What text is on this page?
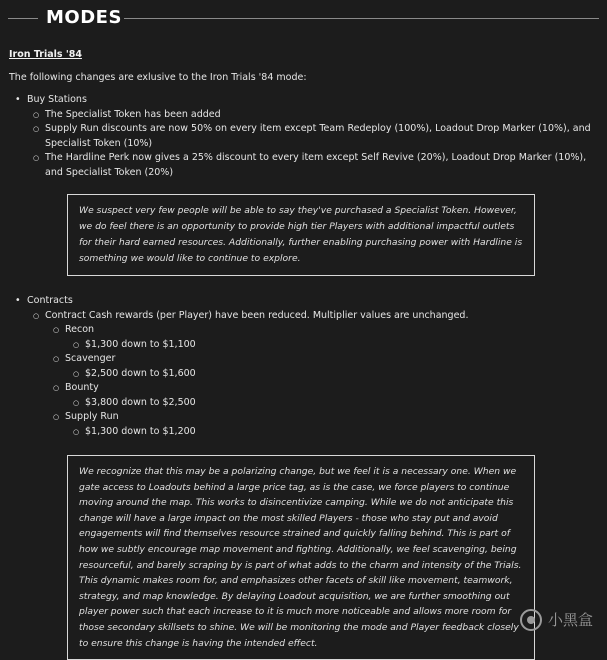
MODES
Iron Trials '84
The following changes are exlusive to the Iron Trials '84 mode:
• Buy Stations
○ The Specialist Token has been added
○ Supply Run discounts are now 50% on every item except Team Redeploy (100%), Loadout Drop Marker (10%), and Specialist Token (10%)
○ The Hardline Perk now gives a 25% discount to every item except Self Revive (20%), Loadout Drop Marker (10%), and Specialist Token (20%)
We suspect very few people will be able to say they've purchased a Specialist Token. However, we do feel there is an opportunity to provide high tier Players with additional impactful outlets for their hard earned resources. Additionally, further enabling purchasing power with Hardline is something we would like to continue to explore.
• Contracts
○ Contract Cash rewards (per Player) have been reduced. Multiplier values are unchanged.
○ Recon
○ $1,300 down to $1,100
○ Scavenger
○ $2,500 down to $1,600
○ Bounty
○ $3,800 down to $2,500
○ Supply Run
○ $1,300 down to $1,200
We recognize that this may be a polarizing change, but we feel it is a necessary one. When we gate access to Loadouts behind a large price tag, as is the case, we force players to continue moving around the map. This works to disincentivize camping. While we do not anticipate this change will have a large impact on the most skilled Players - those who stay put and avoid engagements will find themselves resource strained and quickly falling behind. This is part of how we subtly encourage map movement and fighting. Additionally, we feel scavenging, being resourceful, and barely scraping by is part of what adds to the charm and intensity of the Trials. This dynamic makes room for, and emphasizes other facets of skill like movement, teamwork, strategy, and map knowledge. By delaying Loadout acquisition, we are further smoothing out player power such that each increase to it is much more noticeable and allows more room for those secondary skillsets to shine. We will be monitoring the mode and Player feedback closely to ensure this change is having the intended effect.
小黑盒
